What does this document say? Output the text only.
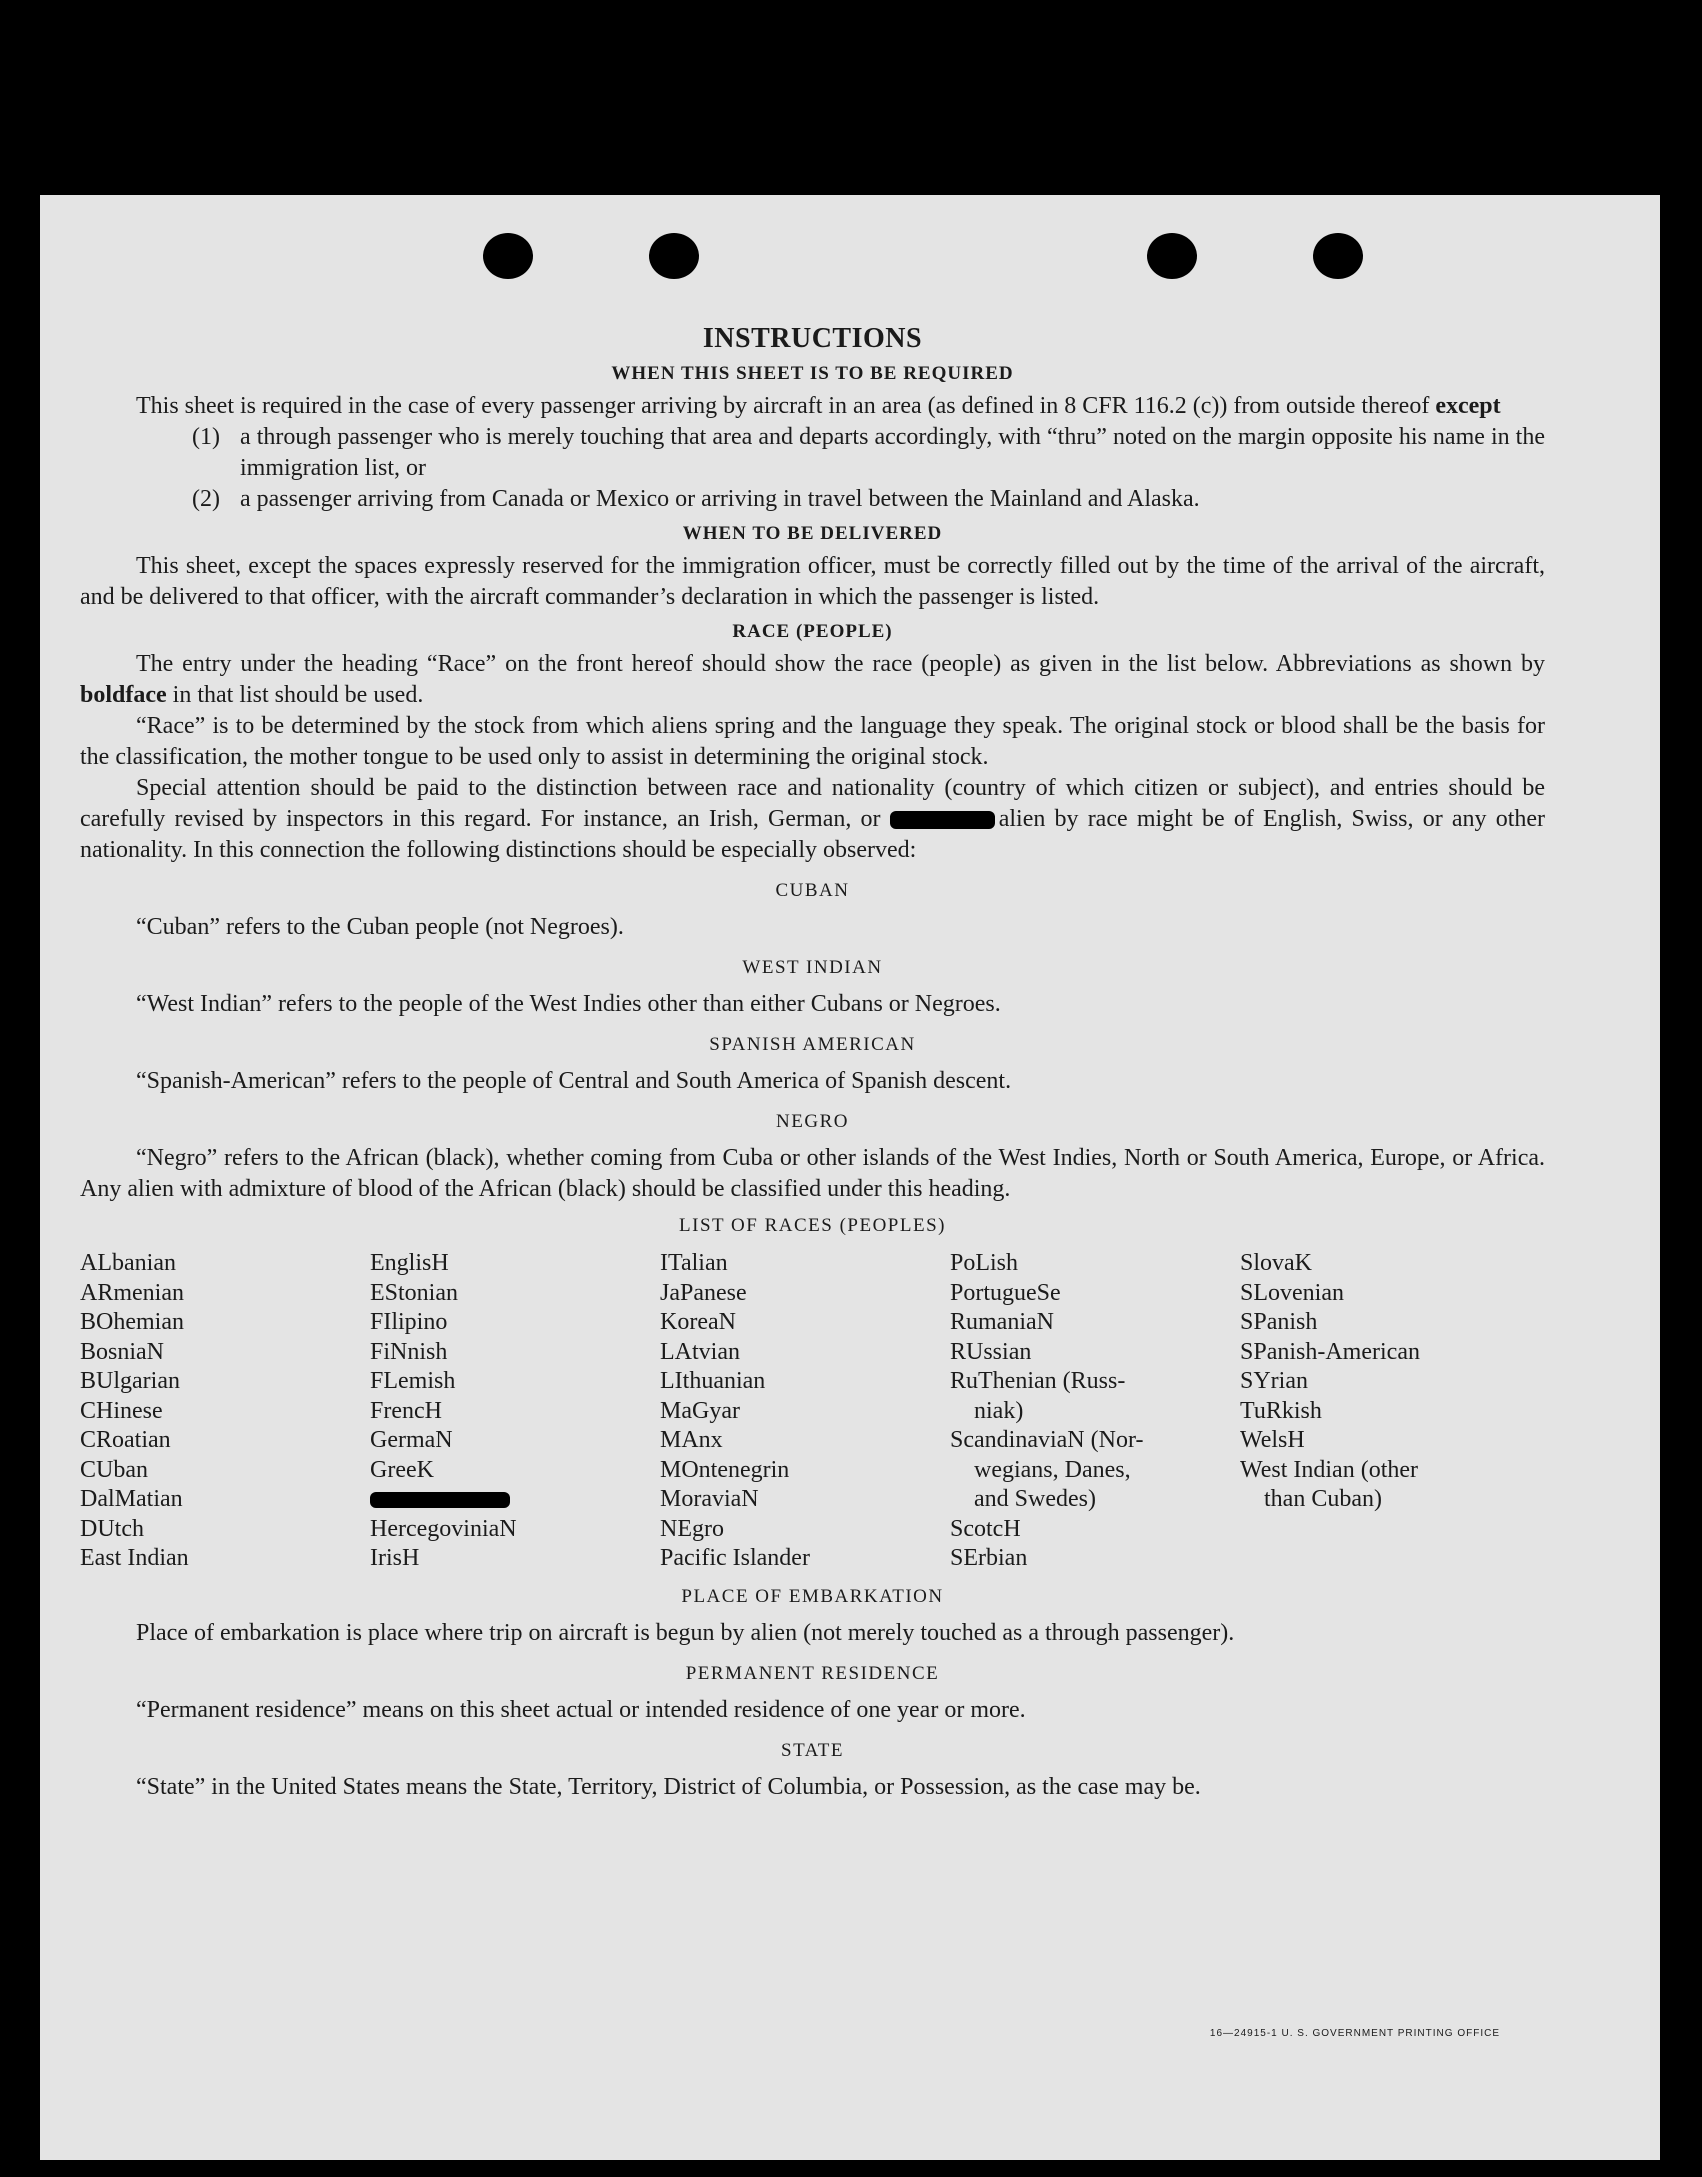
INSTRUCTIONS
WHEN THIS SHEET IS TO BE REQUIRED

This sheet is required in the case of every passenger arriving by aircraft in an area (as defined in 8 CFR 116.2 (c)) from outside thereof except

(1) a through passenger who is merely touching that area and departs accordingly, with “thru” noted on the margin opposite his name in the immigration list, or
(2) a passenger arriving from Canada or Mexico or arriving in travel between the Mainland and Alaska.
WHEN TO BE DELIVERED

This sheet, except the spaces expressly reserved for the immigration officer, must be correctly filled out by the time of the arrival of the aircraft, and be delivered to that officer, with the aircraft commander’s declaration in which the passenger is listed.

RACE (PEOPLE)

The entry under the heading “Race” on the front hereof should show the race (people) as given in the list below. Abbreviations as shown by boldface in that list should be used.

“Race” is to be determined by the stock from which aliens spring and the language they speak. The original stock or blood shall be the basis for the classification, the mother tongue to be used only to assist in determining the original stock.

Special attention should be paid to the distinction between race and nationality (country of which citizen or subject), and entries should be carefully revised by inspectors in this regard. For instance, an Irish, German, or	alien by race might be of English, Swiss, or any other nationality. In this connection the following distinctions should be especially observed:

CUBAN
“Cuban” refers to the Cuban people (not Negroes).
WEST INDIAN
“West Indian” refers to the people of the West Indies other than either Cubans or Negroes.
SPANISH AMERICAN
“Spanish-American” refers to the people of Central and South America of Spanish descent.
NEGRO

“Negro” refers to the African (black), whether coming from Cuba or other islands of the West Indies, North or South America, Europe, or Africa. Any alien with admixture of blood of the African (black) should be classified under this heading.

LIST OF RACES (PEOPLES)
ALbanian
ARmenian
BOhemian
BosniaN
BUlgarian
CHinese
CRoatian
CUban
DalMatian
DUtch
East Indian
EnglisH
EStonian
FIlipino
FiNnish
FLemish
FrencH
GermaN
GreeK
HercegoviniaN
IrisH
ITalian
JaPanese
KoreaN
LAtvian
LIthuanian
MaGyar
MAnx
MOntenegrin
MoraviaN
NEgro
Pacific Islander
PoLish
PortugueSe
RumaniaN
RUssian
RuThenian (Russ-
niak)
ScandinaviaN (Nor-
wegians, Danes,
and Swedes)
ScotcH
SErbian
SlovaK
SLovenian
SPanish
SPanish-American
SYrian
TuRkish
WelsH
West Indian (other
than Cuban)

PLACE OF EMBARKATION

Place of embarkation is place where trip on aircraft is begun by alien (not merely touched as a through passenger).

PERMANENT RESIDENCE
“Permanent residence” means on this sheet actual or intended residence of one year or more.
STATE

“State” in the United States means the State, Territory, District of Columbia, or Possession, as the case may be.

16—24915-1 U. S. GOVERNMENT PRINTING OFFICE
